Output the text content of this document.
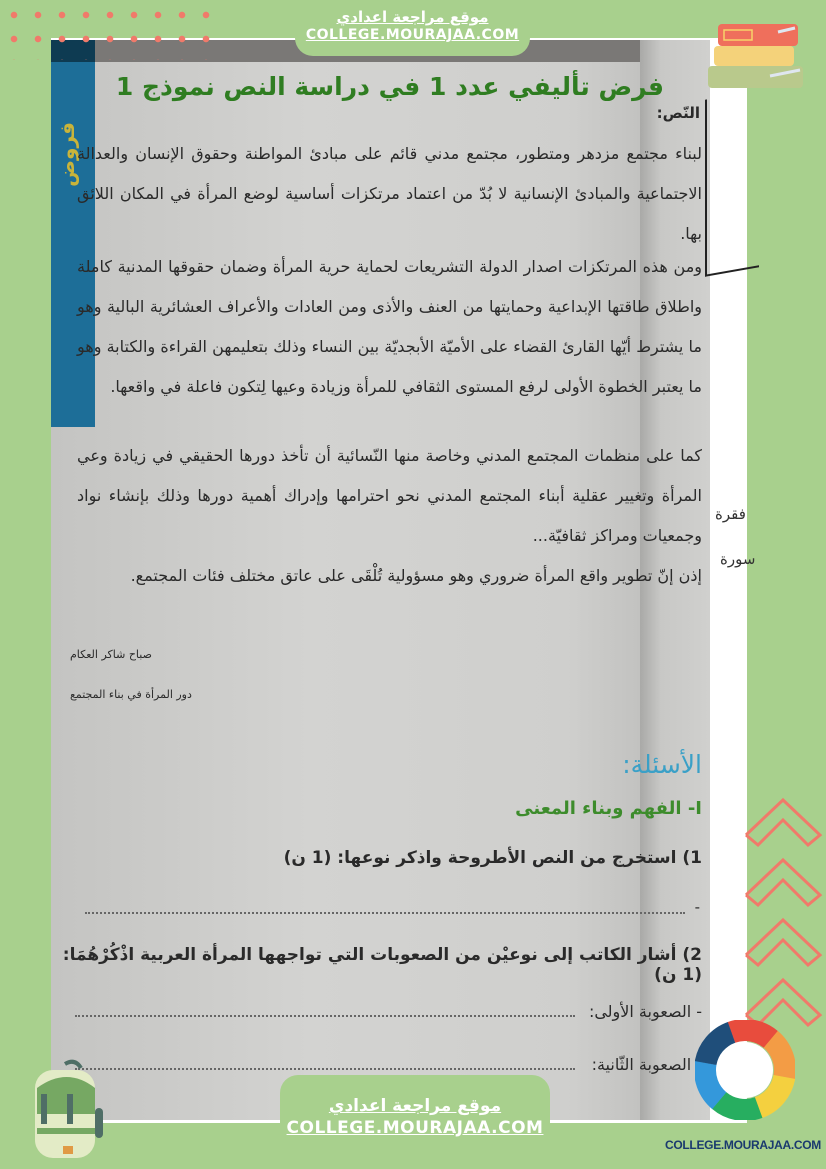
فروض
فقرة
سورة
موقع مراجعة اعدادي
COLLEGE.MOURAJAA.COM
فرض تأليفي عدد 1 في دراسة النص نموذج 1
النّص:
لبناء مجتمع مزدهر ومتطور، مجتمع مدني قائم على مبادئ المواطنة وحقوق الإنسان والعدالة الاجتماعية والمبادئ الإنسانية لا بُدّ من اعتماد مرتكزات أساسية لوضع المرأة في المكان اللائق بها.
ومن هذه المرتكزات اصدار الدولة التشريعات لحماية حرية المرأة وضمان حقوقها المدنية كاملة واطلاق طاقتها الإبداعية وحمايتها من العنف والأذى ومن العادات والأعراف العشائرية البالية وهو ما يشترط أيّها القارئ القضاء على الأميّة الأبجديّة بين النساء وذلك بتعليمهن القراءة والكتابة وهو ما يعتبر الخطوة الأولى لرفع المستوى الثقافي للمرأة وزيادة وعيها لِتكون فاعلة في واقعها.
كما على منظمات المجتمع المدني وخاصة منها النّسائية أن تأخذ دورها الحقيقي في زيادة وعي المرأة وتغيير عقلية أبناء المجتمع المدني نحو احترامها وإدراك أهمية دورها وذلك بإنشاء نواد وجمعيات ومراكز ثقافيّة...
إذن إنّ تطوير واقع المرأة ضروري وهو مسؤولية تُلْقَى على عاتق مختلف فئات المجتمع.
صباح شاكر العكام
دور المرأة في بناء المجتمع
الأسئلة:
I- الفهم وبناء المعنى
1) استخرج من النص الأطروحة واذكر نوعها: (1 ن)
-
2) أشار الكاتب إلى نوعيْن من الصعوبات التي تواجهها المرأة العربية اذْكُرْهُمَا: (1 ن)
- الصعوبة الأولى:
- الصعوبة الثّانية:
COLLEGE.MOURAJAA.COM
موقع مراجعة اعدادي
COLLEGE.MOURAJAA.COM
